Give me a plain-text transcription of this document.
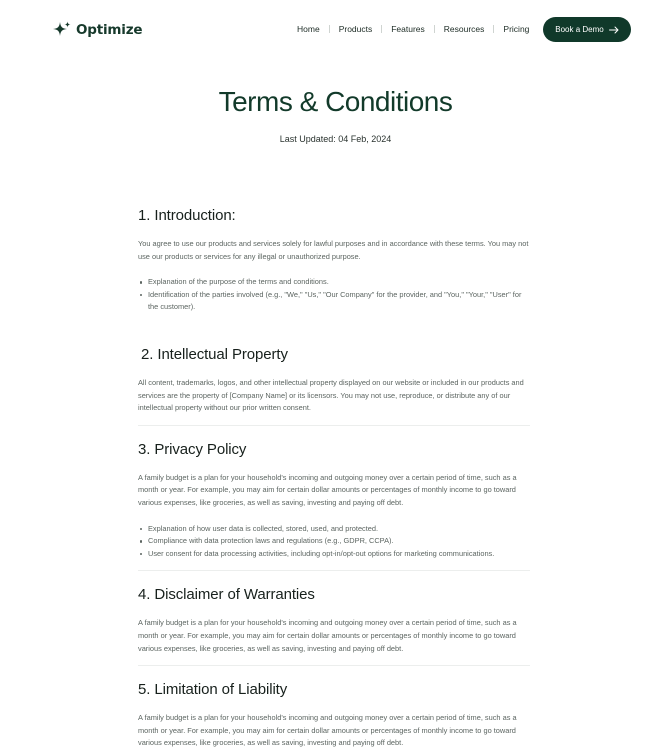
Optimize	Home	Products	Features	Resources	Pricing	Book a Demo
Terms & Conditions
Last Updated: 04 Feb, 2024
1. Introduction:

You agree to use our products and services solely for lawful purposes and in accordance with these terms. You may not use our products or services for any illegal or unauthorized purpose.

Explanation of the purpose of the terms and conditions.
Identification of the parties involved (e.g., "We," "Us," "Our Company" for the provider, and "You," "Your," "User" for the customer).
2. Intellectual Property

All content, trademarks, logos, and other intellectual property displayed on our website or included in our products and services are the property of [Company Name] or its licensors. You may not use, reproduce, or distribute any of our intellectual property without our prior written consent.

3. Privacy Policy

A family budget is a plan for your household's incoming and outgoing money over a certain period of time, such as a month or year. For example, you may aim for certain dollar amounts or percentages of monthly income to go toward various expenses, like groceries, as well as saving, investing and paying off debt.

Explanation of how user data is collected, stored, used, and protected.
Compliance with data protection laws and regulations (e.g., GDPR, CCPA).
User consent for data processing activities, including opt-in/opt-out options for marketing communications.
4. Disclaimer of Warranties

A family budget is a plan for your household's incoming and outgoing money over a certain period of time, such as a month or year. For example, you may aim for certain dollar amounts or percentages of monthly income to go toward various expenses, like groceries, as well as saving, investing and paying off debt.

5. Limitation of Liability

A family budget is a plan for your household's incoming and outgoing money over a certain period of time, such as a month or year. For example, you may aim for certain dollar amounts or percentages of monthly income to go toward various expenses, like groceries, as well as saving, investing and paying off debt.
